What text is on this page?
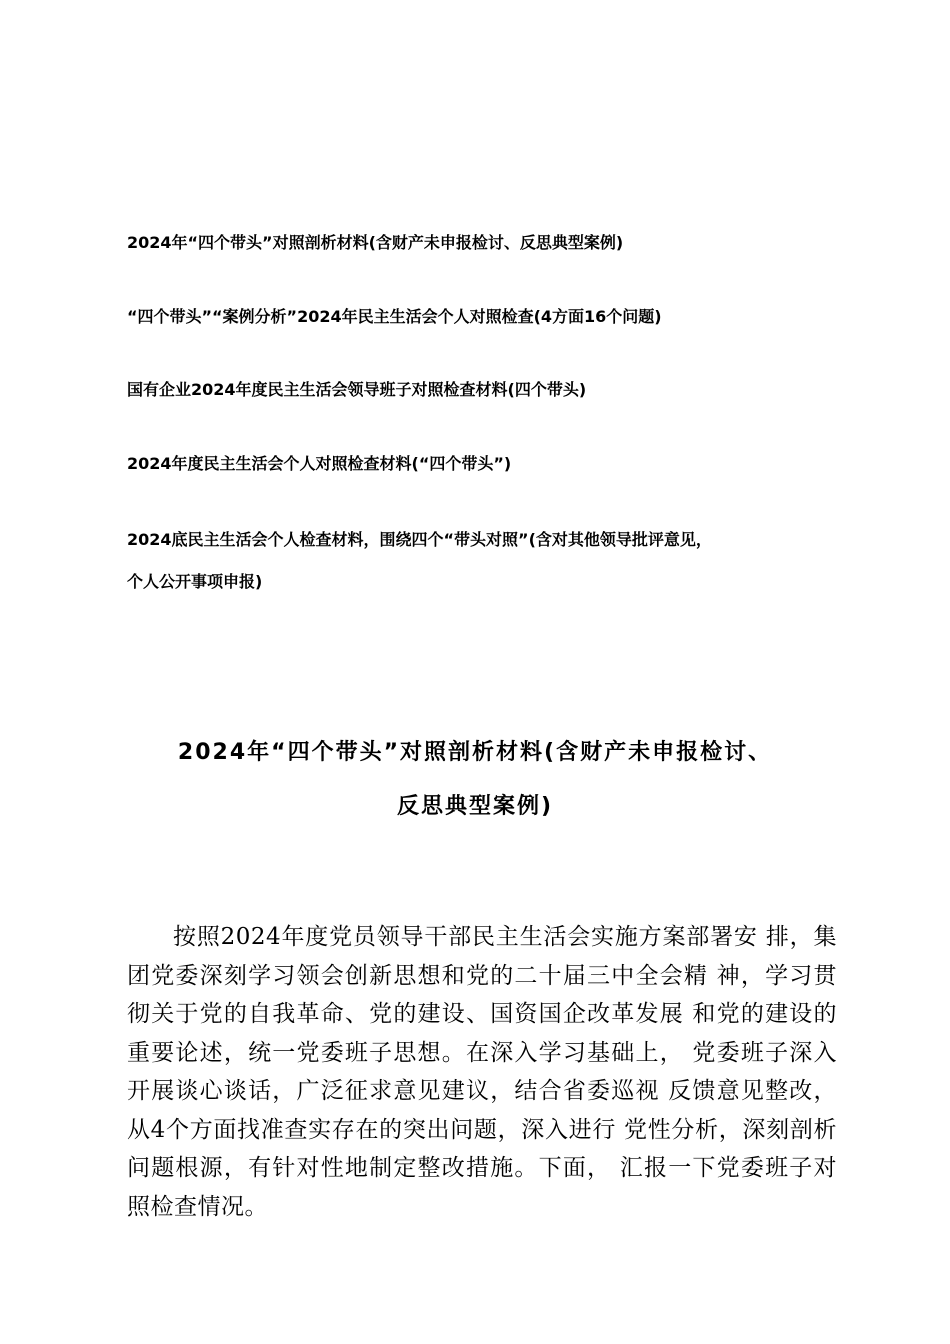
2024年“四个带头”对照剖析材料(含财产未申报检讨、反思典型案例)

“四个带头”“案例分析”2024年民主生活会个人对照检查(4方面16个问题)

国有企业2024年度民主生活会领导班子对照检查材料(四个带头)

2024年度民主生活会个人对照检查材料(“四个带头”)

2024底民主生活会个人检查材料，围绕四个“带头对照”(含对其他领导批评意见，
个人公开事项申报)
2024年“四个带头”对照剖析材料(含财产未申报检讨、
反思典型案例)

按照2024年度党员领导干部民主生活会实施方案部署安 排，集团党委深刻学习领会创新思想和党的二十届三中全会精 神，学习贯彻关于党的自我革命、党的建设、国资国企改革发展 和党的建设的重要论述，统一党委班子思想。在深入学习基础上， 党委班子深入开展谈心谈话，广泛征求意见建议，结合省委巡视 反馈意见整改，从4个方面找准查实存在的突出问题，深入进行 党性分析，深刻剖析问题根源，有针对性地制定整改措施。下面， 汇报一下党委班子对照检查情况。
